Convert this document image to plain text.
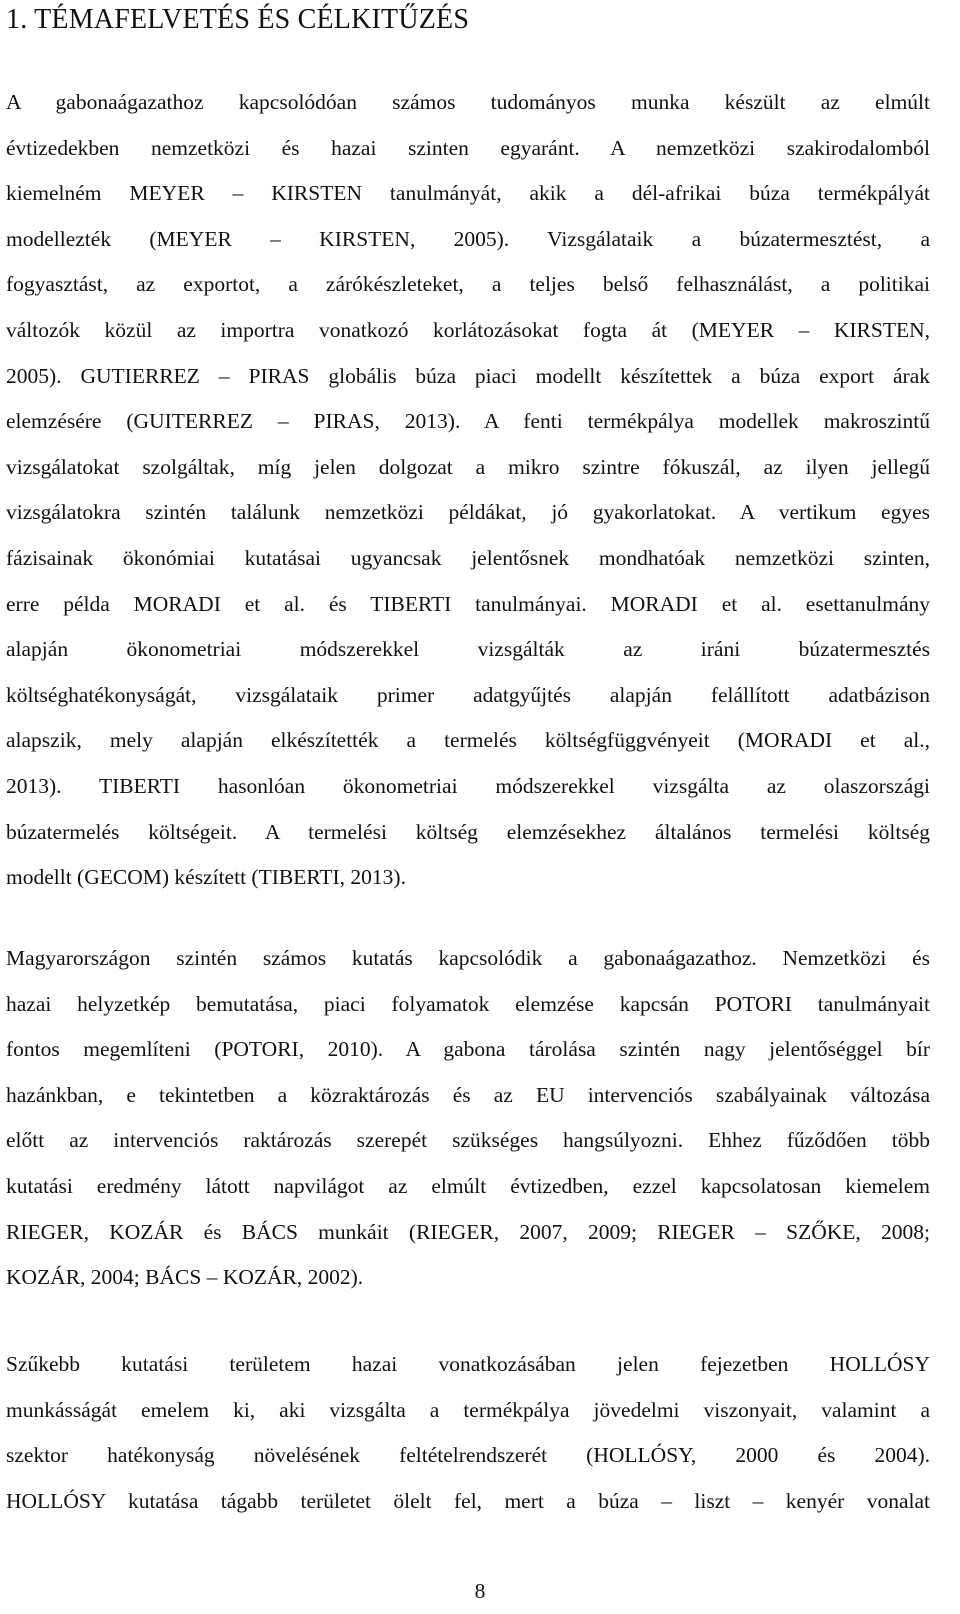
1. TÉMAFELVETÉS ÉS CÉLKITŰZÉS
A gabonaágazathoz kapcsolódóan számos tudományos munka készült az elmúlt
évtizedekben nemzetközi és hazai szinten egyaránt. A nemzetközi szakirodalomból
kiemelném MEYER – KIRSTEN tanulmányát, akik a dél-afrikai búza termékpályát
modellezték (MEYER – KIRSTEN, 2005). Vizsgálataik a búzatermesztést, a
fogyasztást, az exportot, a zárókészleteket, a teljes belső felhasználást, a politikai
változók közül az importra vonatkozó korlátozásokat fogta át (MEYER – KIRSTEN,
2005). GUTIERREZ – PIRAS globális búza piaci modellt készítettek a búza export árak
elemzésére (GUITERREZ – PIRAS, 2013). A fenti termékpálya modellek makroszintű
vizsgálatokat szolgáltak, míg jelen dolgozat a mikro szintre fókuszál, az ilyen jellegű
vizsgálatokra szintén találunk nemzetközi példákat, jó gyakorlatokat. A vertikum egyes
fázisainak ökonómiai kutatásai ugyancsak jelentősnek mondhatóak nemzetközi szinten,
erre példa MORADI et al. és TIBERTI tanulmányai. MORADI et al. esettanulmány
alapján ökonometriai módszerekkel vizsgálták az iráni búzatermesztés
költséghatékonyságát, vizsgálataik primer adatgyűjtés alapján felállított adatbázison
alapszik, mely alapján elkészítették a termelés költségfüggvényeit (MORADI et al.,
2013). TIBERTI hasonlóan ökonometriai módszerekkel vizsgálta az olaszországi
búzatermelés költségeit. A termelési költség elemzésekhez általános termelési költség
modellt (GECOM) készített (TIBERTI, 2013).
Magyarországon szintén számos kutatás kapcsolódik a gabonaágazathoz. Nemzetközi és
hazai helyzetkép bemutatása, piaci folyamatok elemzése kapcsán POTORI tanulmányait
fontos megemlíteni (POTORI, 2010). A gabona tárolása szintén nagy jelentőséggel bír
hazánkban, e tekintetben a közraktározás és az EU intervenciós szabályainak változása
előtt az intervenciós raktározás szerepét szükséges hangsúlyozni. Ehhez fűződően több
kutatási eredmény látott napvilágot az elmúlt évtizedben, ezzel kapcsolatosan kiemelem
RIEGER, KOZÁR és BÁCS munkáit (RIEGER, 2007, 2009; RIEGER – SZŐKE, 2008;
KOZÁR, 2004; BÁCS – KOZÁR, 2002).
Szűkebb kutatási területem hazai vonatkozásában jelen fejezetben HOLLÓSY
munkásságát emelem ki, aki vizsgálta a termékpálya jövedelmi viszonyait, valamint a
szektor hatékonyság növelésének feltételrendszerét (HOLLÓSY, 2000 és 2004).
HOLLÓSY kutatása tágabb területet ölelt fel, mert a búza – liszt – kenyér vonalat
8
